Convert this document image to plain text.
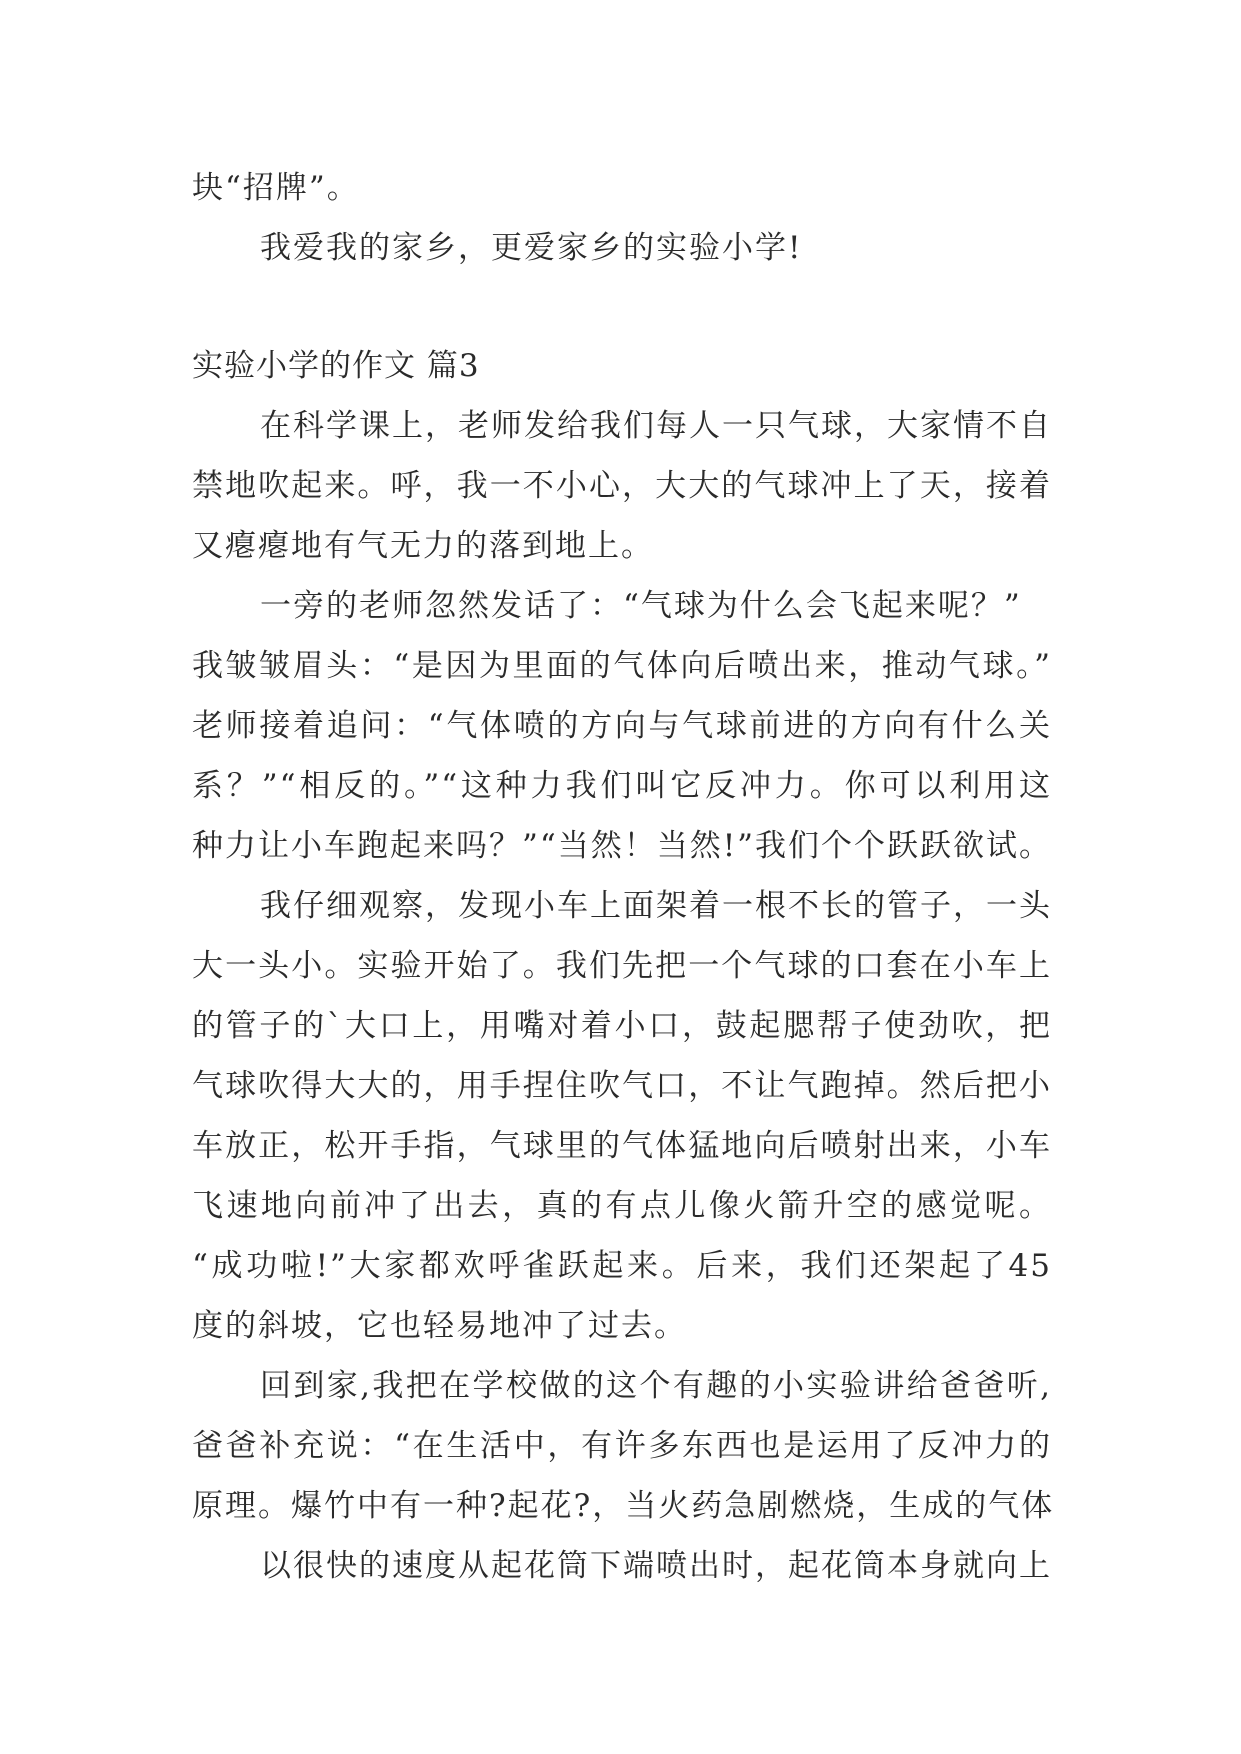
块“招牌”。
我爱我的家乡，更爱家乡的实验小学!
实验小学的作文 篇3
在科学课上，老师发给我们每人一只气球，大家情不自
禁地吹起来。呼，我一不小心，大大的气球冲上了天，接着
又瘪瘪地有气无力的落到地上。
一旁的老师忽然发话了：“气球为什么会飞起来呢？”
我皱皱眉头：“是因为里面的气体向后喷出来，推动气球。”
老师接着追问：“气体喷的方向与气球前进的方向有什么关
系？”“相反的。”“这种力我们叫它反冲力。你可以利用这
种力让小车跑起来吗？”“当然！当然!”我们个个跃跃欲试。
我仔细观察，发现小车上面架着一根不长的管子，一头
大一头小。实验开始了。我们先把一个气球的口套在小车上
的管子的`大口上，用嘴对着小口，鼓起腮帮子使劲吹，把
气球吹得大大的，用手捏住吹气口，不让气跑掉。然后把小
车放正，松开手指，气球里的气体猛地向后喷射出来，小车
飞速地向前冲了出去，真的有点儿像火箭升空的感觉呢。
“成功啦!”大家都欢呼雀跃起来。后来，我们还架起了45
度的斜坡，它也轻易地冲了过去。
回到家,我把在学校做的这个有趣的小实验讲给爸爸听,
爸爸补充说：“在生活中，有许多东西也是运用了反冲力的
原理。爆竹中有一种?起花?，当火药急剧燃烧，生成的气体
以很快的速度从起花筒下端喷出时，起花筒本身就向上
